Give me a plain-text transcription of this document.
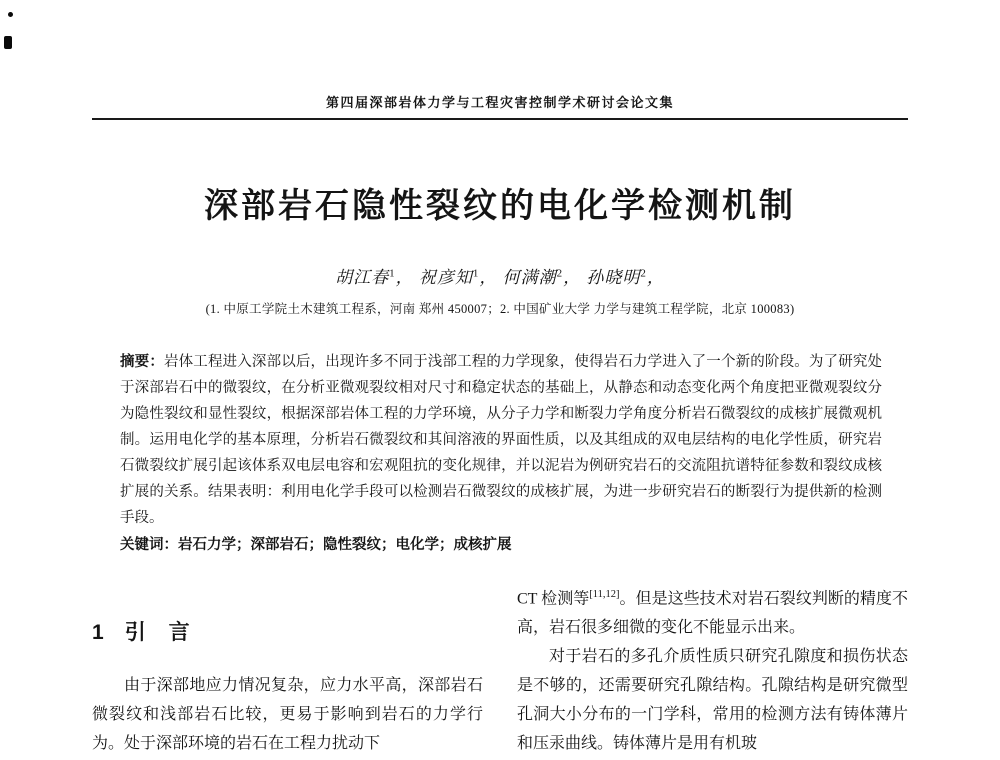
第四届深部岩体力学与工程灾害控制学术研讨会论文集
深部岩石隐性裂纹的电化学检测机制
胡江春$^1$， 祝彦知$^1$， 何满潮$^2$， 孙晓明$^2$，
(1. 中原工学院土木建筑工程系，河南 郑州 450007；2. 中国矿业大学 力学与建筑工程学院，北京 100083)

摘要：岩体工程进入深部以后，出现许多不同于浅部工程的力学现象，使得岩石力学进入了一个新的阶段。为了研究处于深部岩石中的微裂纹，在分析亚微观裂纹相对尺寸和稳定状态的基础上，从静态和动态变化两个角度把亚微观裂纹分为隐性裂纹和显性裂纹，根据深部岩体工程的力学环境，从分子力学和断裂力学角度分析岩石微裂纹的成核扩展微观机制。运用电化学的基本原理，分析岩石微裂纹和其间溶液的界面性质，以及其组成的双电层结构的电化学性质，研究岩石微裂纹扩展引起该体系双电层电容和宏观阻抗的变化规律，并以泥岩为例研究岩石的交流阻抗谱特征参数和裂纹成核扩展的关系。结果表明：利用电化学手段可以检测岩石微裂纹的成核扩展，为进一步研究岩石的断裂行为提供新的检测手段。

关键词：岩石力学；深部岩石；隐性裂纹；电化学；成核扩展

1 引　言

由于深部地应力情况复杂，应力水平高，深部岩石微裂纹和浅部岩石比较，更易于影响到岩石的力学行为。处于深部环境的岩石在工程力扰动下

CT 检测等[11,12]。但是这些技术对岩石裂纹判断的精度不高，岩石很多细微的变化不能显示出来。

对于岩石的多孔介质性质只研究孔隙度和损伤状态是不够的，还需要研究孔隙结构。孔隙结构是研究微型孔洞大小分布的一门学科，常用的检测方法有铸体薄片和压汞曲线。铸体薄片是用有机玻
